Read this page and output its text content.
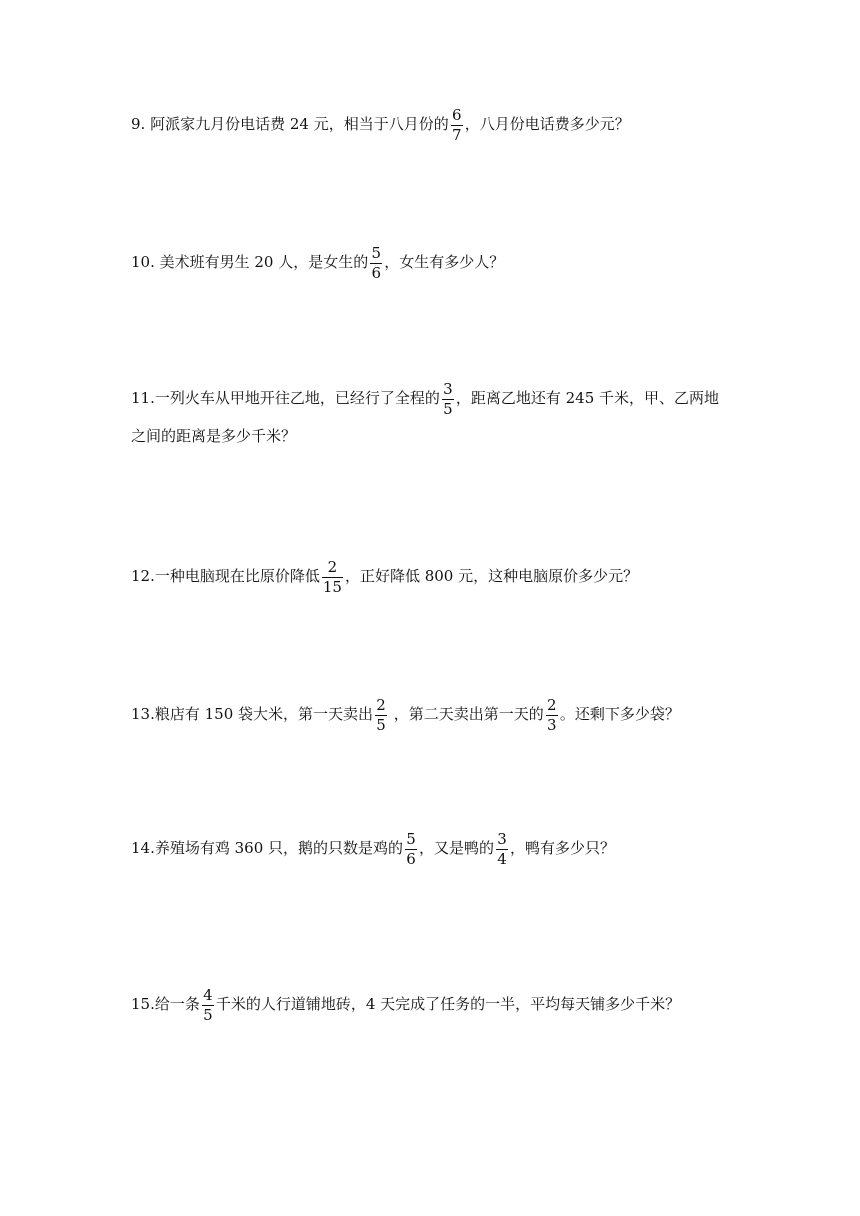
9. 阿派家九月份电话费 24 元，相当于八月份的 $\frac{6}{7}$ ，八月份电话费多少元？

10. 美术班有男生 20 人，是女生的 $\frac{5}{6}$ ，女生有多少人？

11.一列火车从甲地开往乙地，已经行了全程的 $\frac{3}{5}$ ，距离乙地还有 245 千米，甲、乙两地之间的距离是多少千米？

12.一种电脑现在比原价降低 $\frac{2}{15}$ ，正好降低 800 元，这种电脑原价多少元？

13.粮店有 150 袋大米，第一天卖出 $\frac{2}{5}$ ，第二天卖出第一天的 $\frac{2}{3}$ 。还剩下多少袋？

14.养殖场有鸡 360 只，鹅的只数是鸡的 $\frac{5}{6}$ ，又是鸭的 $\frac{3}{4}$ ，鸭有多少只？

15.给一条 $\frac{4}{5}$ 千米的人行道铺地砖，4 天完成了任务的一半，平均每天铺多少千米？
